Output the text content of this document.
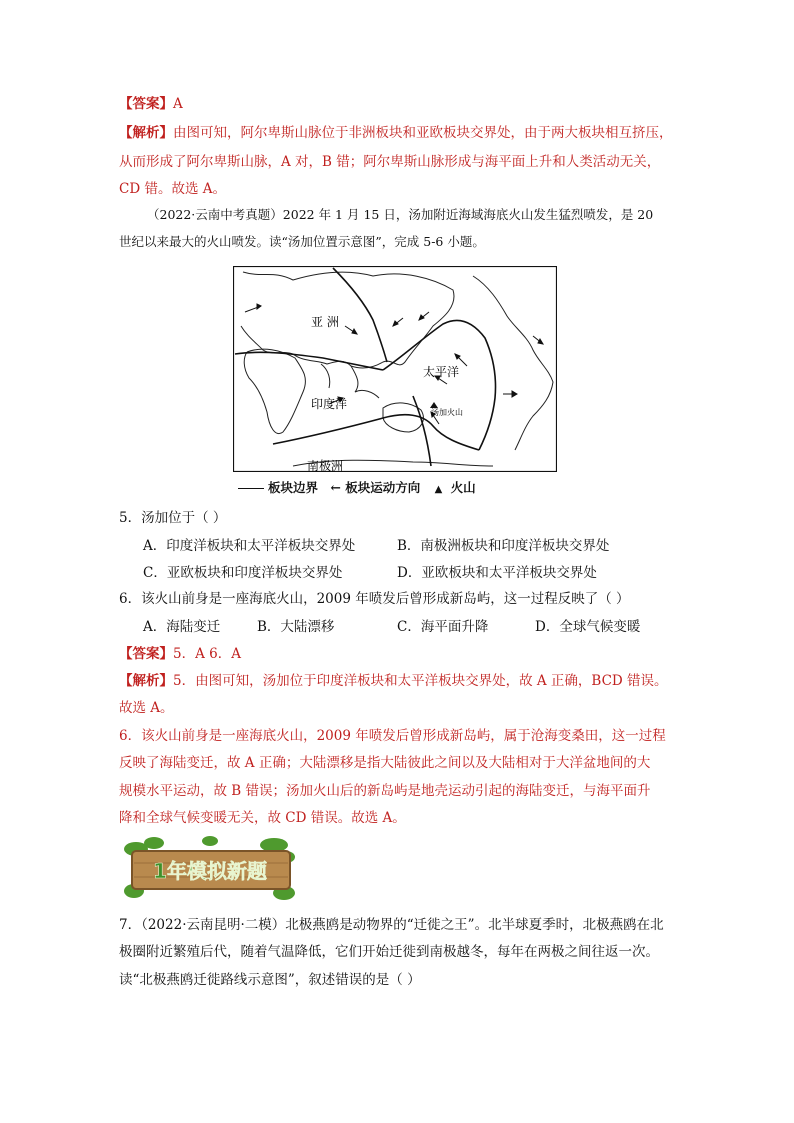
【答案】A
【解析】由图可知，阿尔卑斯山脉位于非洲板块和亚欧板块交界处，由于两大板块相互挤压，
从而形成了阿尔卑斯山脉，A 对，B 错；阿尔卑斯山脉形成与海平面上升和人类活动无关，
CD 错。故选 A。
（2022·云南中考真题）2022 年 1 月 15 日，汤加附近海域海底火山发生猛烈喷发，是 20
世纪以来最大的火山喷发。读“汤加位置示意图”，完成 5-6 小题。
亚 洲
太平洋
印度洋
汤加火山
南极洲
板块边界 ← 板块运动方向 ▲ 火山
5．汤加位于（ ）
A．印度洋板块和太平洋板块交界处	B．南极洲板块和印度洋板块交界处
C．亚欧板块和印度洋板块交界处	D．亚欧板块和太平洋板块交界处
6．该火山前身是一座海底火山，2009 年喷发后曾形成新岛屿，这一过程反映了（ ）
A．海陆变迁	B．大陆漂移	C．海平面升降	D．全球气候变暖
【答案】5．A 6．A
【解析】5．由图可知，汤加位于印度洋板块和太平洋板块交界处，故 A 正确，BCD 错误。
故选 A。
6．该火山前身是一座海底火山，2009 年喷发后曾形成新岛屿，属于沧海变桑田，这一过程
反映了海陆变迁，故 A 正确；大陆漂移是指大陆彼此之间以及大陆相对于大洋盆地间的大
规模水平运动，故 B 错误；汤加火山后的新岛屿是地壳运动引起的海陆变迁，与海平面升
降和全球气候变暖无关，故 CD 错误。故选 A。
1年模拟新题
7．（2022·云南昆明·二模）北极燕鸥是动物界的“迁徙之王”。北半球夏季时，北极燕鸥在北
极圈附近繁殖后代，随着气温降低，它们开始迁徙到南极越冬，每年在两极之间往返一次。
读“北极燕鸥迁徙路线示意图”，叙述错误的是（ ）
